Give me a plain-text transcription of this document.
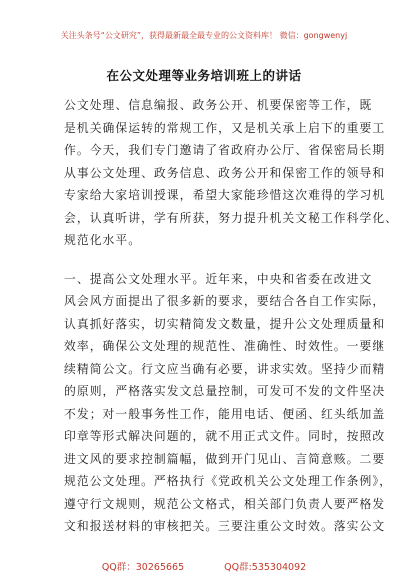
关注头条号“公文研究”，获得最新最全最专业的公文资料库！ 微信：gongwenyj
在公文处理等业务培训班上的讲话
公文处理、信息编报、政务公开、机要保密等工作，既
是机关确保运转的常规工作，又是机关承上启下的重要工
作。今天，我们专门邀请了省政府办公厅、省保密局长期
从事公文处理、政务信息、政务公开和保密工作的领导和
专家给大家培训授课，希望大家能珍惜这次难得的学习机
会，认真听讲，学有所获，努力提升机关文秘工作科学化、
规范化水平。
一、提高公文处理水平。近年来，中央和省委在改进文
风会风方面提出了很多新的要求，要结合各自工作实际，
认真抓好落实，切实精简发文数量，提升公文处理质量和
效率，确保公文处理的规范性、准确性、时效性。一要继
续精简公文。行文应当确有必要，讲求实效。坚持少而精
的原则，严格落实发文总量控制，可发可不发的文件坚决
不发；对一般事务性工作，能用电话、便函、红头纸加盖
印章等形式解决问题的，就不用正式文件。同时，按照改
进文风的要求控制篇幅，做到开门见山、言简意赅。二要
规范公文处理。严格执行《党政机关公文处理工作条例》，
遵守行文规则，规范公文格式，相关部门负责人要严格发
文和报送材料的审核把关。三要注重公文时效。落实公文
QQ群：30265665	QQ群:535304092
